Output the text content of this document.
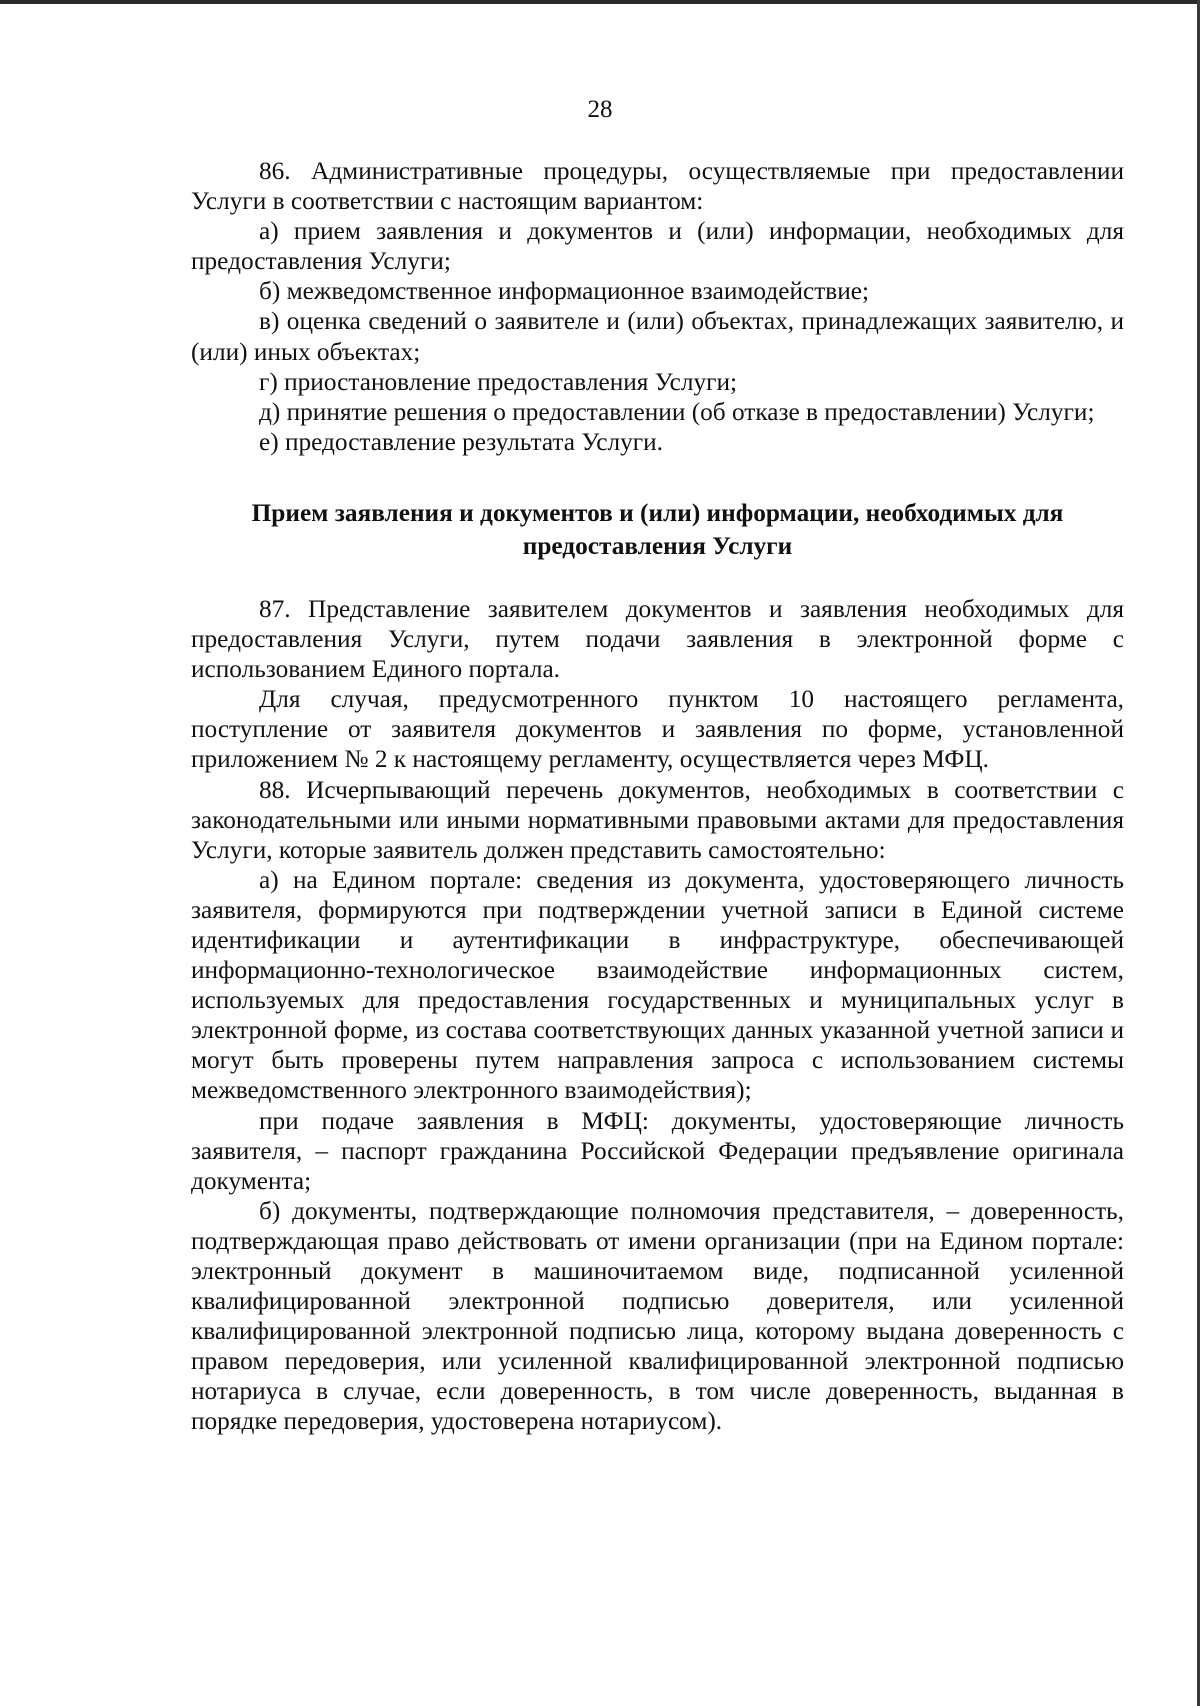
28

86. Административные процедуры, осуществляемые при предоставлении Услуги в соответствии с настоящим вариантом:

а) прием заявления и документов и (или) информации, необходимых для предоставления Услуги;

б) межведомственное информационное взаимодействие;

в) оценка сведений о заявителе и (или) объектах, принадлежащих заявителю, и (или) иных объектах;

г) приостановление предоставления Услуги;

д) принятие решения о предоставлении (об отказе в предоставлении) Услуги;

е) предоставление результата Услуги.

Прием заявления и документов и (или) информации, необходимых для предоставления Услуги

87. Представление заявителем документов и заявления необходимых для предоставления Услуги, путем подачи заявления в электронной форме с использованием Единого портала.

Для случая, предусмотренного пунктом 10 настоящего регламента, поступление от заявителя документов и заявления по форме, установленной приложением № 2 к настоящему регламенту, осуществляется через МФЦ.

88. Исчерпывающий перечень документов, необходимых в соответствии с законодательными или иными нормативными правовыми актами для предоставления Услуги, которые заявитель должен представить самостоятельно:

а) на Едином портале: сведения из документа, удостоверяющего личность заявителя, формируются при подтверждении учетной записи в Единой системе идентификации и аутентификации в инфраструктуре, обеспечивающей информационно-технологическое взаимодействие информационных систем, используемых для предоставления государственных и муниципальных услуг в электронной форме, из состава соответствующих данных указанной учетной записи и могут быть проверены путем направления запроса с использованием системы межведомственного электронного взаимодействия);

при подаче заявления в МФЦ: документы, удостоверяющие личность заявителя, – паспорт гражданина Российской Федерации предъявление оригинала документа;

б) документы, подтверждающие полномочия представителя, – доверенность, подтверждающая право действовать от имени организации (при на Едином портале: электронный документ в машиночитаемом виде, подписанной усиленной квалифицированной электронной подписью доверителя, или усиленной квалифицированной электронной подписью лица, которому выдана доверенность с правом передоверия, или усиленной квалифицированной электронной подписью нотариуса в случае, если доверенность, в том числе доверенность, выданная в порядке передоверия, удостоверена нотариусом).
